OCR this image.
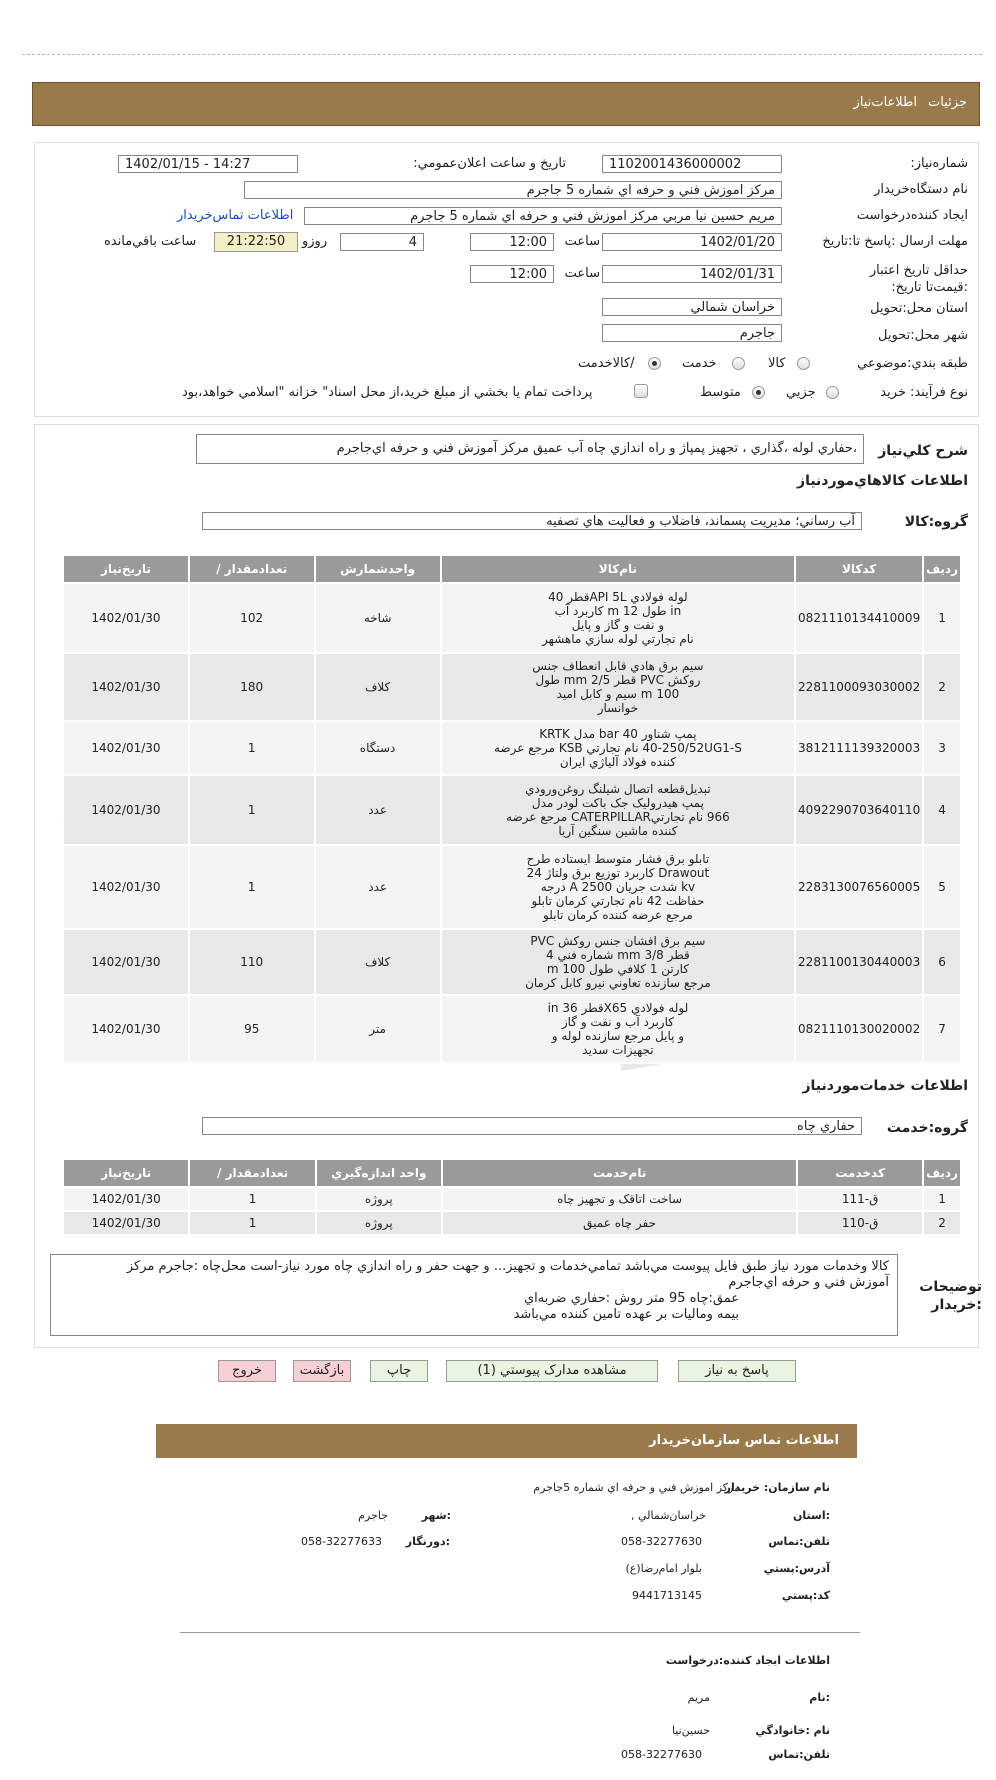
جزئيات
اطلاعات‌نياز
شماره‌نياز:
1102001436000002
تاريخ و ساعت اعلان‌عمومي:
1402/01/15 - 14:27
نام دستگاه‌خريدار
مرکز اموزش فني و حرفه اي شماره 5 جاجرم
ايجاد کننده‌درخواست
مريم حسين نيا مربي مرکز اموزش فني و حرفه اي شماره 5 جاجرم
اطلاعات تماس‌خريدار
مهلت ارسال :پاسخ تا:تاريخ
1402/01/20
ساعت
12:00
4
روزو
21:22:50
ساعت باقي‌مانده
حداقل تاريخ اعتبار :قيمت‌تا تاريخ:
1402/01/31
ساعت
12:00
استان محل:تحويل
خراسان شمالي
شهر محل:تحويل
جاجرم
طبقه بندي:موضوعي
کالا
خدمت
/کالاخدمت
نوع فرآيند: خريد
جزيي
متوسط
پرداخت تمام يا بخشي از مبلغ خريد،از محل اسناد" خزانه "اسلامي خواهد،بود
شرح کلي‌نياز
،حفاري لوله ،گذاري ، تجهيز پمپاژ و راه اندازي چاه آب عميق مرکز آموزش فني و حرفه اي‌جاجرم
اطلاعات کالاهاي‌موردنياز
گروه:کالا
آب رساني؛ مديريت پسماند، فاضلاب و فعاليت هاي تصفيه
رديف	کدکالا	نام‌کالا	واحدشمارش	تعدادمقدار /	تاريخ‌نياز
1	0821110134410009	لوله فولادي API 5Lقطر 40
in طول 12 m کاربرد آب
و نفت و گاز و پايل
نام تجارتي لوله سازي ماهشهر	شاخه	102	1402/01/30
2	2281100093030002	سيم برق هادي قابل انعطاف جنس
روکش PVC قطر 2/5 mm طول
100 m سيم و کابل اميد
خوانسار	کلاف	180	1402/01/30
3	3812111139320003	پمپ شناور 40 bar مدل KRTK
40-250/52UG1-S نام تجارتي KSB مرجع عرضه
کننده فولاد آلياژي ايران	دستگاه	1	1402/01/30
4	4092290703640110	تبديل‌قطعه اتصال شيلنگ روغن‌ورودي
پمپ هيدروليک جک باکت لودر مدل
966 نام تجارتيCATERPILLAR مرجع عرضه
کننده ماشين سنگين آريا	عدد	1	1402/01/30
5	2283130076560005	تابلو برق فشار متوسط ايستاده طرح
Drawout کاربرد توزيع برق ولتاژ 24
kv شدت جريان 2500 A درجه
حفاظت 42 نام تجارتي کرمان تابلو
مرجع عرضه کننده کرمان تابلو	عدد	1	1402/01/30
6	2281100130440003	سيم برق افشان جنس روکش PVC
قطر 3/8 mm شماره فني 4
کارتن 1 کلافي طول 100 m
مرجع سازنده تعاوني نيرو کابل کرمان	کلاف	110	1402/01/30
7	0821110130020002	لوله فولادي X65قطر 36 in
کاربرد آب و نفت و گاز
و پايل مرجع سازنده لوله و
تجهيزات سديد	متر	95	1402/01/30
اطلاعات خدمات‌موردنياز
گروه:خدمت
حفاري چاه
رديف	کدخدمت	نام‌خدمت	واحد اندازه‌گيري	تعدادمقدار /	تاريخ‌نياز
1	ق-111	ساخت اتاقک و تجهيز چاه	پروژه	1	1402/01/30
2	ق-110	حفر چاه عميق	پروژه	1	1402/01/30
توضيحات :خريدار
کالا وخدمات مورد نياز طبق فايل پيوست مي‌باشد تمامي‌خدمات و تجهيز... و جهت حفر و راه اندازي چاه مورد نياز-است محل‌چاه :جاجرم مرکز
آموزش فني و حرفه اي‌جاجرم
عمق:چاه 95 متر روش :حفاري ضربه‌اي
بيمه وماليات بر عهده تامين کننده مي‌باشد
پاسخ به نياز
مشاهده مدارک پيوستي (1)
چاپ
بازگشت
خروج
اطلاعات تماس سازمان‌خريدار
نام سازمان: خريدار
مرکز اموزش فني و حرفه اي شماره 5جاجرم
:استان
خراسان‌شمالي ,
:شهر
جاجرم
تلفن:تماس
058-32277630
:دورنگار
058-32277633
آدرس:پستي
بلوار امام‌رضا(ع)
کد:پستي
9441713145
اطلاعات ايجاد کننده:درخواست
:نام
مريم
نام :خانوادگي
حسين‌نيا
تلفن:تماس
058-32277630
